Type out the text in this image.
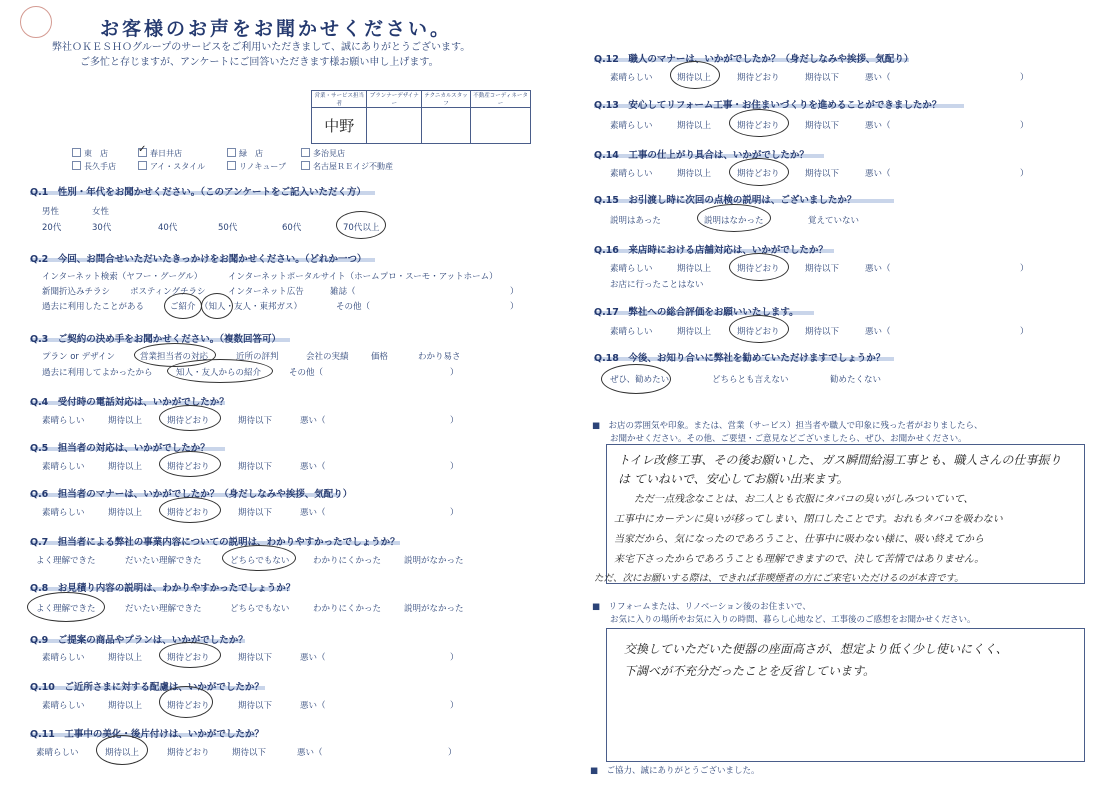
お客様のお声をお聞かせください。
弊社ＯＫＥＳＨＯグループのサービスをご利用いただきまして、誠にありがとうございます。
ご多忙と存じますが、アンケートにご回答いただきます様お願い申し上げます。
営業・サービス担当者	プランナーデザイナー	テクニカルスタッフ	不動産コーディネーター
中野			
東　店	✓ 春日井店	緑　店	多治見店
長久手店	アイ・スタイル	リノキューブ	名古屋ＲＥイジ不動産
Q.1　性別・年代をお聞かせください。（このアンケートをご記入いただく方）
男性	女性
20代	30代	40代	50代	60代	70代以上
Q.2　今回、お問合せいただいたきっかけをお聞かせください。（どれか一つ）
インターネット検索（ヤフー・グーグル）	インターネットポータルサイト（ホームプロ・スーモ・アットホーム）
新聞折込みチラシ ポスティングチラシ	インターネット広告	雑誌（	）
過去に利用したことがある	ご紹介 （知人・友人・東邦ガス）	その他（	）
Q.3　ご契約の決め手をお聞かせください。（複数回答可）
プラン or デザイン	営業担当者の対応	近所の評判	会社の実績	価格	わかり易さ
過去に利用してよかったから	知人・友人からの紹介	その他（	）
Q.4　受付時の電話対応は、いかがでしたか？
素晴らしい	期待以上	期待どおり	期待以下	悪い（	）
Q.5　担当者の対応は、いかがでしたか？
素晴らしい	期待以上	期待どおり	期待以下	悪い（	）
Q.6　担当者のマナーは、いかがでしたか？（身だしなみや挨拶、気配り）
素晴らしい	期待以上	期待どおり	期待以下	悪い（	）
Q.7　担当者による弊社の事業内容についての説明は、わかりやすかったでしょうか？
よく理解できた	だいたい理解できた	どちらでもない	わかりにくかった	説明がなかった
Q.8　お見積り内容の説明は、わかりやすかったでしょうか？
よく理解できた	だいたい理解できた	どちらでもない	わかりにくかった	説明がなかった
Q.9　ご提案の商品やプランは、いかがでしたか？
素晴らしい	期待以上	期待どおり	期待以下	悪い（	）
Q.10　ご近所さまに対する配慮は、いかがでしたか？
素晴らしい	期待以上	期待どおり	期待以下	悪い（	）
Q.11　工事中の美化・後片付けは、いかがでしたか？
素晴らしい	期待以上	期待どおり	期待以下	悪い（	）
Q.12　職人のマナーは、いかがでしたか？（身だしなみや挨拶、気配り）
素晴らしい	期待以上	期待どおり	期待以下	悪い（	）
Q.13　安心してリフォーム工事・お住まいづくりを進めることができましたか？
素晴らしい	期待以上	期待どおり	期待以下	悪い（	）
Q.14　工事の仕上がり具合は、いかがでしたか？
素晴らしい	期待以上	期待どおり	期待以下	悪い（	）
Q.15　お引渡し時に次回の点検の説明は、ございましたか？
説明はあった	説明はなかった	覚えていない
Q.16　来店時における店舗対応は、いかがでしたか？
素晴らしい	期待以上	期待どおり	期待以下	悪い（	）
お店に行ったことはない
Q.17　弊社への総合評価をお願いいたします。
素晴らしい	期待以上	期待どおり	期待以下	悪い（	）
Q.18　今後、お知り合いに弊社を勧めていただけますでしょうか？
ぜひ、勧めたい	どちらとも言えない	勧めたくない
■　お店の雰囲気や印象。または、営業（サービス）担当者や職人で印象に残った者がおりましたら、
お聞かせください。その他、ご要望・ご意見などございましたら、ぜひ、お聞かせください。
トイレ改修工事、その後お願いした、ガス瞬間給湯工事とも、職人さんの仕事振り
は ていねいで、安心してお願い出来ます。
ただ一点残念なことは、お二人とも衣服にタバコの臭いがしみついていて、
工事中にカーテンに臭いが移ってしまい、閉口したことです。おれもタバコを吸わない
当家だから、気になったのであろうこと、仕事中に吸わない様に、吸い終えてから
来宅下さったからであろうことも理解できますので、決して苦情ではありません。
ただ、次にお願いする際は、できれば非喫煙者の方にご来宅いただけるのが本音です。
■　リフォームまたは、リノベーション後のお住まいで、
お気に入りの場所やお気に入りの時間、暮らし心地など、工事後のご感想をお聞かせください。
交換していただいた便器の座面高さが、想定より低く少し使いにくく、
下調べが不充分だったことを反省しています。
■　ご協力、誠にありがとうございました。
